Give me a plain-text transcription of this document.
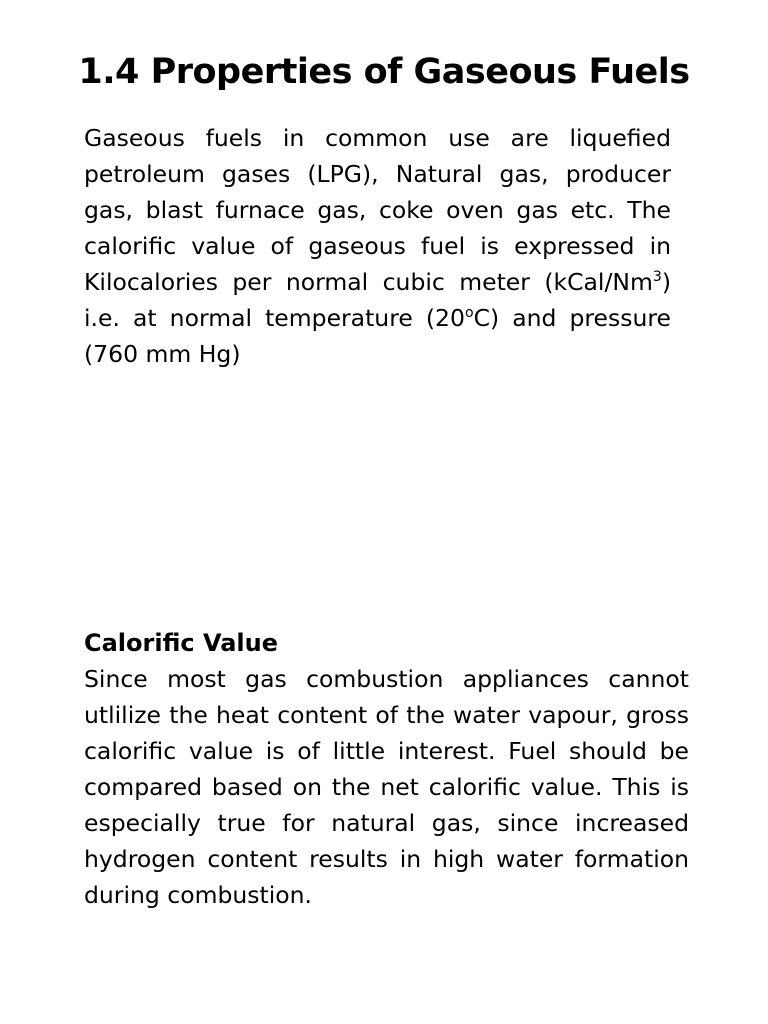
1.4 Properties of Gaseous Fuels

Gaseous fuels in common use are liquefied petroleum gases (LPG), Natural gas, producer gas, blast furnace gas, coke oven gas etc. The calorific value of gaseous fuel is expressed in Kilocalories per normal cubic meter (kCal/Nm$^3$) i.e. at normal temperature (20$^o$C) and pressure (760 mm Hg)

Calorific Value

Since most gas combustion appliances cannot utlilize the heat content of the water vapour, gross calorific value is of little interest. Fuel should be compared based on the net calorific value. This is especially true for natural gas, since increased hydrogen content results in high water formation during combustion.
